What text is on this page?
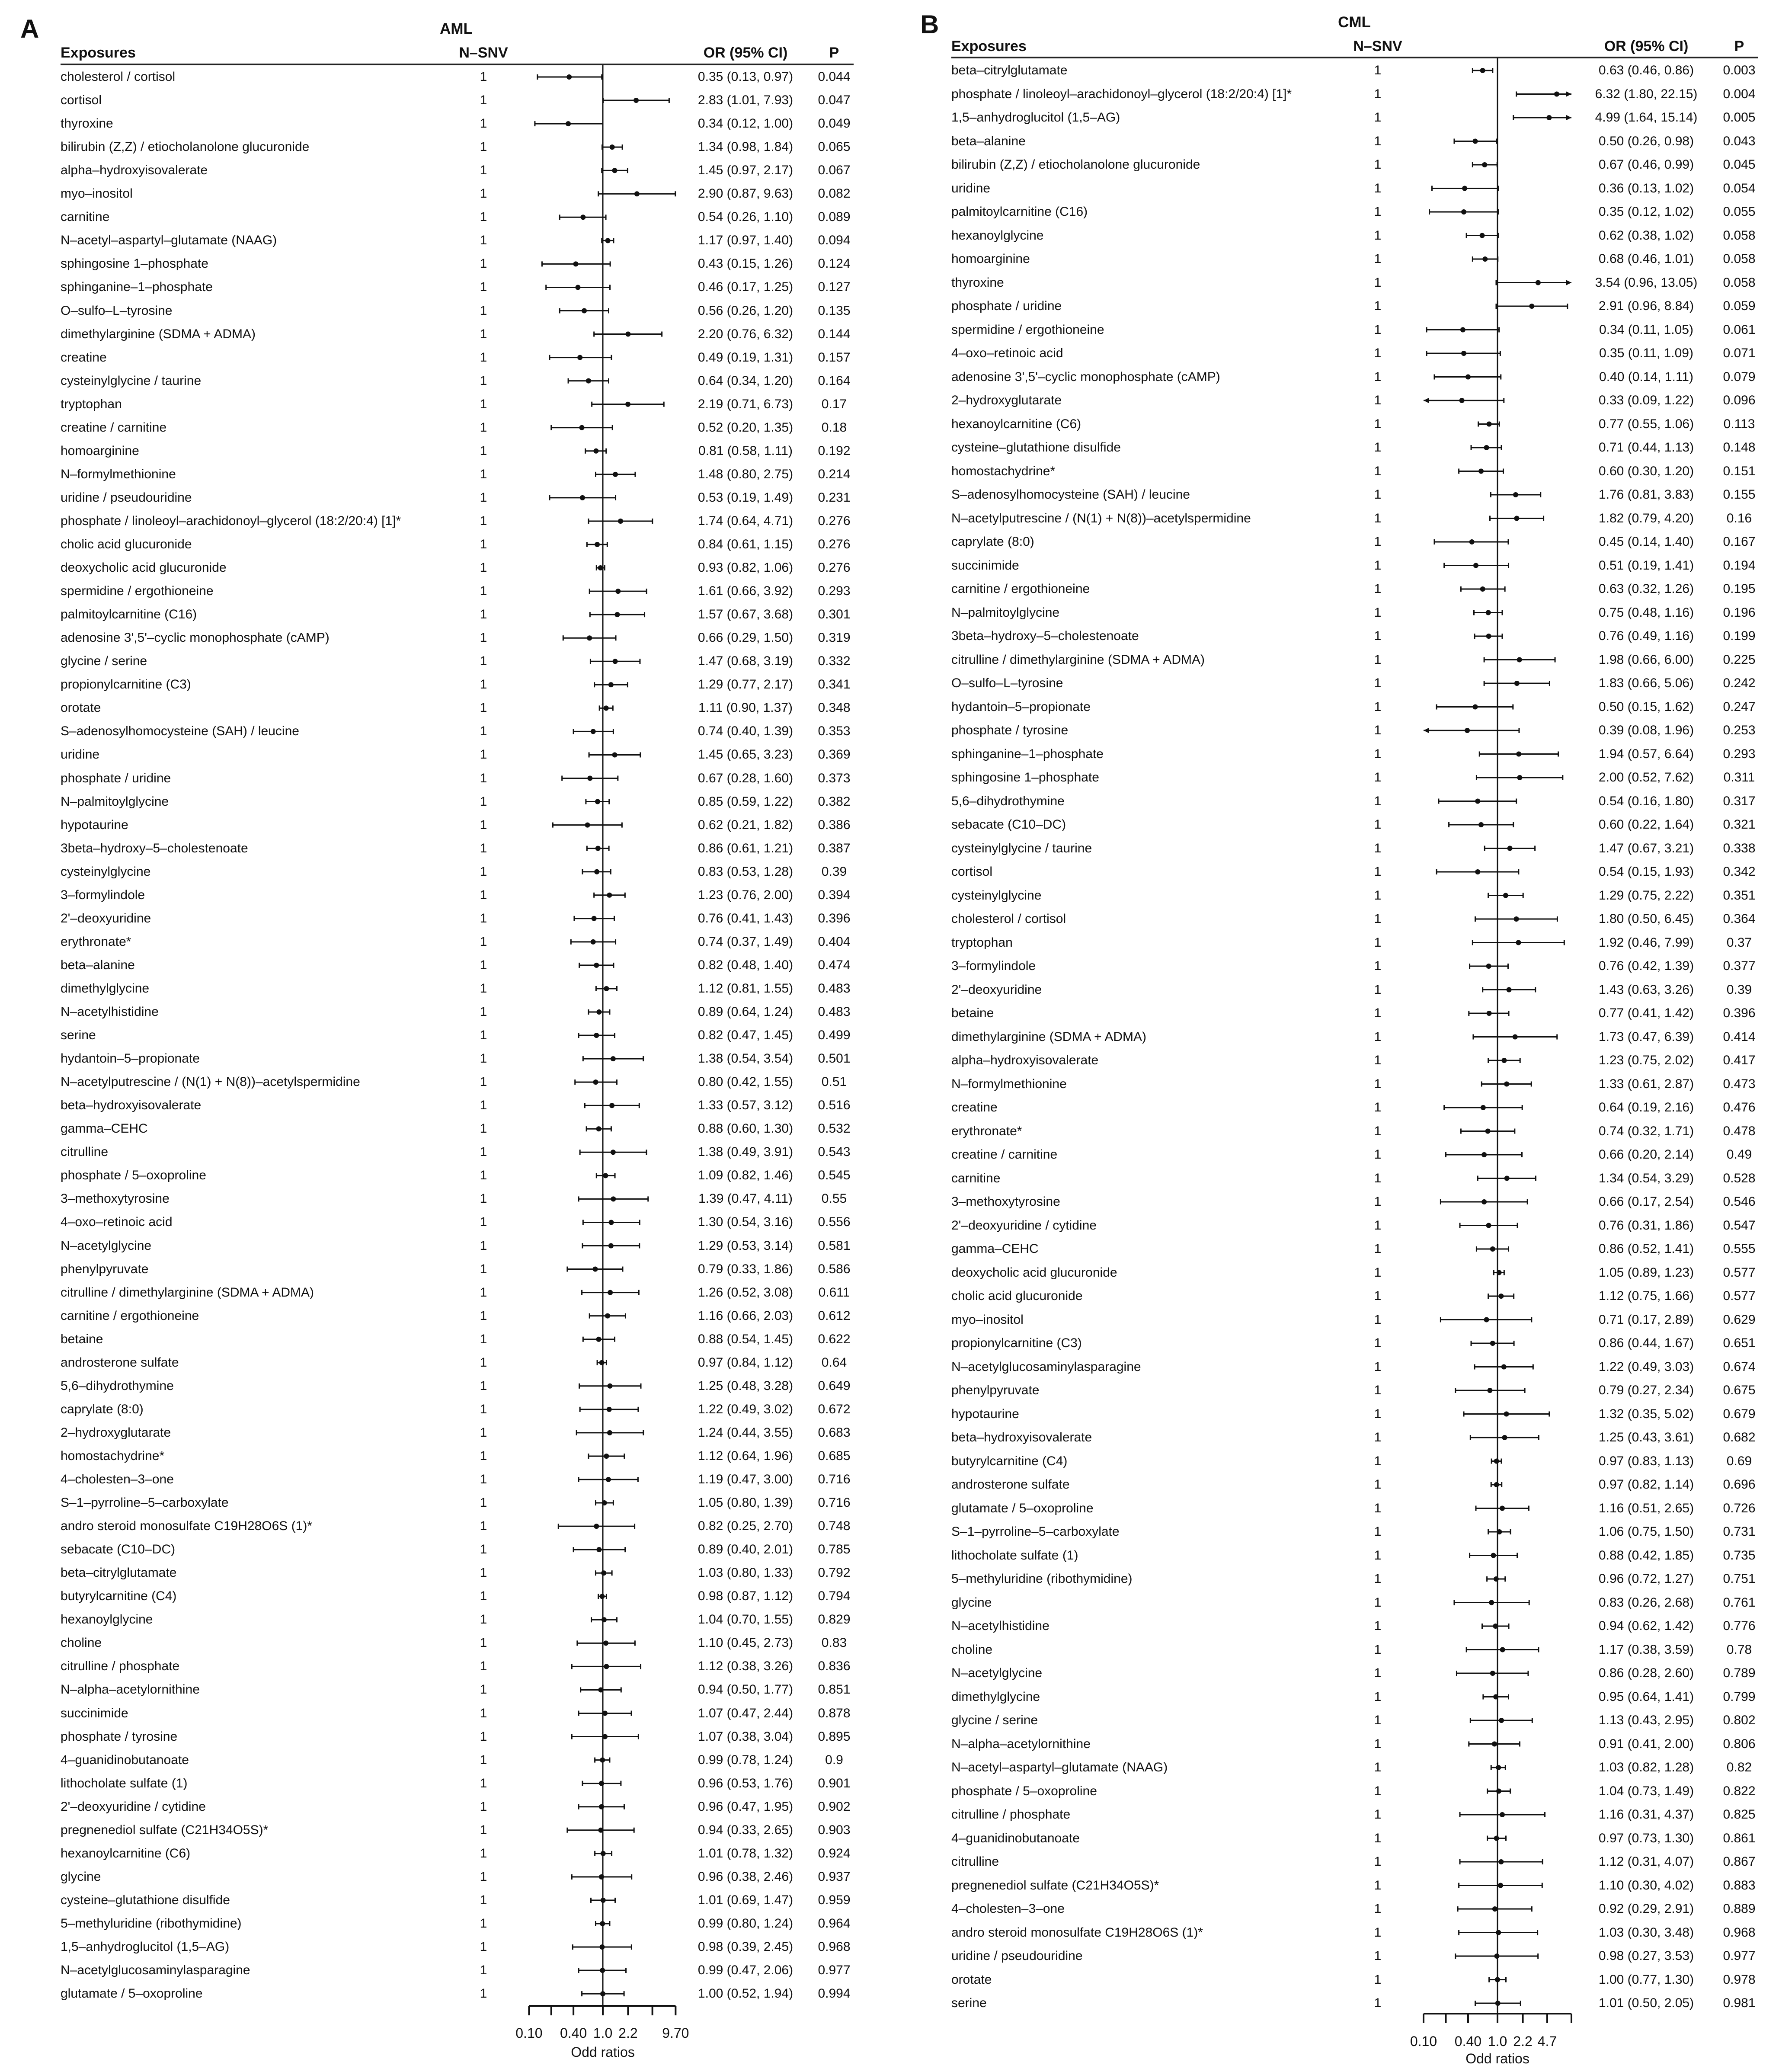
A	AML
Exposures	N–SNV	OR (95% CI)	P
cholesterol / cortisol	1	0.35 (0.13, 0.97) 0.044
cortisol	1	2.83 (1.01, 7.93) 0.047
thyroxine	1	0.34 (0.12, 1.00) 0.049
bilirubin (Z,Z) / etiocholanolone glucuronide	1	1.34 (0.98, 1.84) 0.065
alpha–hydroxyisovalerate	1	1.45 (0.97, 2.17) 0.067
myo–inositol	1	2.90 (0.87, 9.63) 0.082
carnitine	1	0.54 (0.26, 1.10) 0.089
N–acetyl–aspartyl–glutamate (NAAG)	1	1.17 (0.97, 1.40) 0.094
sphingosine 1–phosphate	1	0.43 (0.15, 1.26) 0.124
sphinganine–1–phosphate	1	0.46 (0.17, 1.25) 0.127
O–sulfo–L–tyrosine	1	0.56 (0.26, 1.20) 0.135
dimethylarginine (SDMA + ADMA)	1	2.20 (0.76, 6.32) 0.144
creatine	1	0.49 (0.19, 1.31) 0.157
cysteinylglycine / taurine	1	0.64 (0.34, 1.20) 0.164
tryptophan	1	2.19 (0.71, 6.73) 0.17
creatine / carnitine	1	0.52 (0.20, 1.35) 0.18
homoarginine	1	0.81 (0.58, 1.11) 0.192
N–formylmethionine	1	1.48 (0.80, 2.75) 0.214
uridine / pseudouridine	1	0.53 (0.19, 1.49) 0.231
phosphate / linoleoyl–arachidonoyl–glycerol (18:2/20:4) [1]*	1	1.74 (0.64, 4.71) 0.276
cholic acid glucuronide	1	0.84 (0.61, 1.15) 0.276
deoxycholic acid glucuronide	1	0.93 (0.82, 1.06) 0.276
spermidine / ergothioneine	1	1.61 (0.66, 3.92) 0.293
palmitoylcarnitine (C16)	1	1.57 (0.67, 3.68) 0.301
adenosine 3',5'–cyclic monophosphate (cAMP)	1	0.66 (0.29, 1.50) 0.319
glycine / serine	1	1.47 (0.68, 3.19) 0.332
propionylcarnitine (C3)	1	1.29 (0.77, 2.17) 0.341
orotate	1	1.11 (0.90, 1.37) 0.348
S–adenosylhomocysteine (SAH) / leucine	1	0.74 (0.40, 1.39) 0.353
uridine	1	1.45 (0.65, 3.23) 0.369
phosphate / uridine	1	0.67 (0.28, 1.60) 0.373
N–palmitoylglycine	1	0.85 (0.59, 1.22) 0.382
hypotaurine	1	0.62 (0.21, 1.82) 0.386
3beta–hydroxy–5–cholestenoate	1	0.86 (0.61, 1.21) 0.387
cysteinylglycine	1	0.83 (0.53, 1.28) 0.39
3–formylindole	1	1.23 (0.76, 2.00) 0.394
2'–deoxyuridine	1	0.76 (0.41, 1.43) 0.396
erythronate*	1	0.74 (0.37, 1.49) 0.404
beta–alanine	1	0.82 (0.48, 1.40) 0.474
dimethylglycine	1	1.12 (0.81, 1.55) 0.483
N–acetylhistidine	1	0.89 (0.64, 1.24) 0.483
serine	1	0.82 (0.47, 1.45) 0.499
hydantoin–5–propionate	1	1.38 (0.54, 3.54) 0.501
N–acetylputrescine / (N(1) + N(8))–acetylspermidine	1	0.80 (0.42, 1.55) 0.51
beta–hydroxyisovalerate	1	1.33 (0.57, 3.12) 0.516
gamma–CEHC	1	0.88 (0.60, 1.30) 0.532
citrulline	1	1.38 (0.49, 3.91) 0.543
phosphate / 5–oxoproline	1	1.09 (0.82, 1.46) 0.545
3–methoxytyrosine	1	1.39 (0.47, 4.11) 0.55
4–oxo–retinoic acid	1	1.30 (0.54, 3.16) 0.556
N–acetylglycine	1	1.29 (0.53, 3.14) 0.581
phenylpyruvate	1	0.79 (0.33, 1.86) 0.586
citrulline / dimethylarginine (SDMA + ADMA)	1	1.26 (0.52, 3.08) 0.611
carnitine / ergothioneine	1	1.16 (0.66, 2.03) 0.612
betaine	1	0.88 (0.54, 1.45) 0.622
androsterone sulfate	1	0.97 (0.84, 1.12) 0.64
5,6–dihydrothymine	1	1.25 (0.48, 3.28) 0.649
caprylate (8:0)	1	1.22 (0.49, 3.02) 0.672
2–hydroxyglutarate	1	1.24 (0.44, 3.55) 0.683
homostachydrine*	1	1.12 (0.64, 1.96) 0.685
4–cholesten–3–one	1	1.19 (0.47, 3.00) 0.716
S–1–pyrroline–5–carboxylate	1	1.05 (0.80, 1.39) 0.716
andro steroid monosulfate C19H28O6S (1)*	1	0.82 (0.25, 2.70) 0.748
sebacate (C10–DC)	1	0.89 (0.40, 2.01) 0.785
beta–citrylglutamate	1	1.03 (0.80, 1.33) 0.792
butyrylcarnitine (C4)	1	0.98 (0.87, 1.12) 0.794
hexanoylglycine	1	1.04 (0.70, 1.55) 0.829
choline	1	1.10 (0.45, 2.73) 0.83
citrulline / phosphate	1	1.12 (0.38, 3.26) 0.836
N–alpha–acetylornithine	1	0.94 (0.50, 1.77) 0.851
succinimide	1	1.07 (0.47, 2.44) 0.878
phosphate / tyrosine	1	1.07 (0.38, 3.04) 0.895
4–guanidinobutanoate	1	0.99 (0.78, 1.24) 0.9
lithocholate sulfate (1)	1	0.96 (0.53, 1.76) 0.901
2'–deoxyuridine / cytidine	1	0.96 (0.47, 1.95) 0.902
pregnenediol sulfate (C21H34O5S)*	1	0.94 (0.33, 2.65) 0.903
hexanoylcarnitine (C6)	1	1.01 (0.78, 1.32) 0.924
glycine	1	0.96 (0.38, 2.46) 0.937
cysteine–glutathione disulfide	1	1.01 (0.69, 1.47) 0.959
5–methyluridine (ribothymidine)	1	0.99 (0.80, 1.24) 0.964
1,5–anhydroglucitol (1,5–AG)	1	0.98 (0.39, 2.45) 0.968
N–acetylglucosaminylasparagine	1	0.99 (0.47, 2.06) 0.977
glutamate / 5–oxoproline	1	1.00 (0.52, 1.94) 0.994
0.10 0.40 1.0 2.2 9.70
Odd ratios
B	CML
Exposures	N–SNV	OR (95% CI)	P
beta–citrylglutamate	1	0.63 (0.46, 0.86) 0.003
phosphate / linoleoyl–arachidonoyl–glycerol (18:2/20:4) [1]*	1	6.32 (1.80, 22.15) 0.004
1,5–anhydroglucitol (1,5–AG)	1	4.99 (1.64, 15.14) 0.005
beta–alanine	1	0.50 (0.26, 0.98) 0.043
bilirubin (Z,Z) / etiocholanolone glucuronide	1	0.67 (0.46, 0.99) 0.045
uridine	1	0.36 (0.13, 1.02) 0.054
palmitoylcarnitine (C16)	1	0.35 (0.12, 1.02) 0.055
hexanoylglycine	1	0.62 (0.38, 1.02) 0.058
homoarginine	1	0.68 (0.46, 1.01) 0.058
thyroxine	1	3.54 (0.96, 13.05) 0.058
phosphate / uridine	1	2.91 (0.96, 8.84) 0.059
spermidine / ergothioneine	1	0.34 (0.11, 1.05) 0.061
4–oxo–retinoic acid	1	0.35 (0.11, 1.09) 0.071
adenosine 3',5'–cyclic monophosphate (cAMP)	1	0.40 (0.14, 1.11) 0.079
2–hydroxyglutarate	1	0.33 (0.09, 1.22) 0.096
hexanoylcarnitine (C6)	1	0.77 (0.55, 1.06) 0.113
cysteine–glutathione disulfide	1	0.71 (0.44, 1.13) 0.148
homostachydrine*	1	0.60 (0.30, 1.20) 0.151
S–adenosylhomocysteine (SAH) / leucine	1	1.76 (0.81, 3.83) 0.155
N–acetylputrescine / (N(1) + N(8))–acetylspermidine	1	1.82 (0.79, 4.20)	0.16
caprylate (8:0)	1	0.45 (0.14, 1.40) 0.167
succinimide	1	0.51 (0.19, 1.41) 0.194
carnitine / ergothioneine	1	0.63 (0.32, 1.26) 0.195
N–palmitoylglycine	1	0.75 (0.48, 1.16) 0.196
3beta–hydroxy–5–cholestenoate	1	0.76 (0.49, 1.16) 0.199
citrulline / dimethylarginine (SDMA + ADMA)	1	1.98 (0.66, 6.00) 0.225
O–sulfo–L–tyrosine	1	1.83 (0.66, 5.06) 0.242
hydantoin–5–propionate	1	0.50 (0.15, 1.62) 0.247
phosphate / tyrosine	1	0.39 (0.08, 1.96) 0.253
sphinganine–1–phosphate	1	1.94 (0.57, 6.64) 0.293
sphingosine 1–phosphate	1	2.00 (0.52, 7.62) 0.311
5,6–dihydrothymine	1	0.54 (0.16, 1.80) 0.317
sebacate (C10–DC)	1	0.60 (0.22, 1.64) 0.321
cysteinylglycine / taurine	1	1.47 (0.67, 3.21) 0.338
cortisol	1	0.54 (0.15, 1.93) 0.342
cysteinylglycine	1	1.29 (0.75, 2.22) 0.351
cholesterol / cortisol	1	1.80 (0.50, 6.45) 0.364
tryptophan	1	1.92 (0.46, 7.99)	0.37
3–formylindole	1	0.76 (0.42, 1.39) 0.377
2'–deoxyuridine	1	1.43 (0.63, 3.26)	0.39
betaine	1	0.77 (0.41, 1.42) 0.396
dimethylarginine (SDMA + ADMA)	1	1.73 (0.47, 6.39) 0.414
alpha–hydroxyisovalerate	1	1.23 (0.75, 2.02) 0.417
N–formylmethionine	1	1.33 (0.61, 2.87) 0.473
creatine	1	0.64 (0.19, 2.16) 0.476
erythronate*	1	0.74 (0.32, 1.71) 0.478
creatine / carnitine	1	0.66 (0.20, 2.14)	0.49
carnitine	1	1.34 (0.54, 3.29) 0.528
3–methoxytyrosine	1	0.66 (0.17, 2.54) 0.546
2'–deoxyuridine / cytidine	1	0.76 (0.31, 1.86) 0.547
gamma–CEHC	1	0.86 (0.52, 1.41) 0.555
deoxycholic acid glucuronide	1	1.05 (0.89, 1.23) 0.577
cholic acid glucuronide	1	1.12 (0.75, 1.66) 0.577
myo–inositol	1	0.71 (0.17, 2.89) 0.629
propionylcarnitine (C3)	1	0.86 (0.44, 1.67) 0.651
N–acetylglucosaminylasparagine	1	1.22 (0.49, 3.03) 0.674
phenylpyruvate	1	0.79 (0.27, 2.34) 0.675
hypotaurine	1	1.32 (0.35, 5.02) 0.679
beta–hydroxyisovalerate	1	1.25 (0.43, 3.61) 0.682
butyrylcarnitine (C4)	1	0.97 (0.83, 1.13)	0.69
androsterone sulfate	1	0.97 (0.82, 1.14) 0.696
glutamate / 5–oxoproline	1	1.16 (0.51, 2.65) 0.726
S–1–pyrroline–5–carboxylate	1	1.06 (0.75, 1.50) 0.731
lithocholate sulfate (1)	1	0.88 (0.42, 1.85) 0.735
5–methyluridine (ribothymidine)	1	0.96 (0.72, 1.27) 0.751
glycine	1	0.83 (0.26, 2.68) 0.761
N–acetylhistidine	1	0.94 (0.62, 1.42) 0.776
choline	1	1.17 (0.38, 3.59)	0.78
N–acetylglycine	1	0.86 (0.28, 2.60) 0.789
dimethylglycine	1	0.95 (0.64, 1.41) 0.799
glycine / serine	1	1.13 (0.43, 2.95) 0.802
N–alpha–acetylornithine	1	0.91 (0.41, 2.00) 0.806
N–acetyl–aspartyl–glutamate (NAAG)	1	1.03 (0.82, 1.28)	0.82
phosphate / 5–oxoproline	1	1.04 (0.73, 1.49) 0.822
citrulline / phosphate	1	1.16 (0.31, 4.37) 0.825
4–guanidinobutanoate	1	0.97 (0.73, 1.30) 0.861
citrulline	1	1.12 (0.31, 4.07) 0.867
pregnenediol sulfate (C21H34O5S)*	1	1.10 (0.30, 4.02) 0.883
4–cholesten–3–one	1	0.92 (0.29, 2.91) 0.889
andro steroid monosulfate C19H28O6S (1)*	1	1.03 (0.30, 3.48) 0.968
uridine / pseudouridine	1	0.98 (0.27, 3.53) 0.977
orotate	1	1.00 (0.77, 1.30) 0.978
serine	1	1.01 (0.50, 2.05) 0.981
0.10 0.40 1.0 2.2 4.7
Odd ratios
